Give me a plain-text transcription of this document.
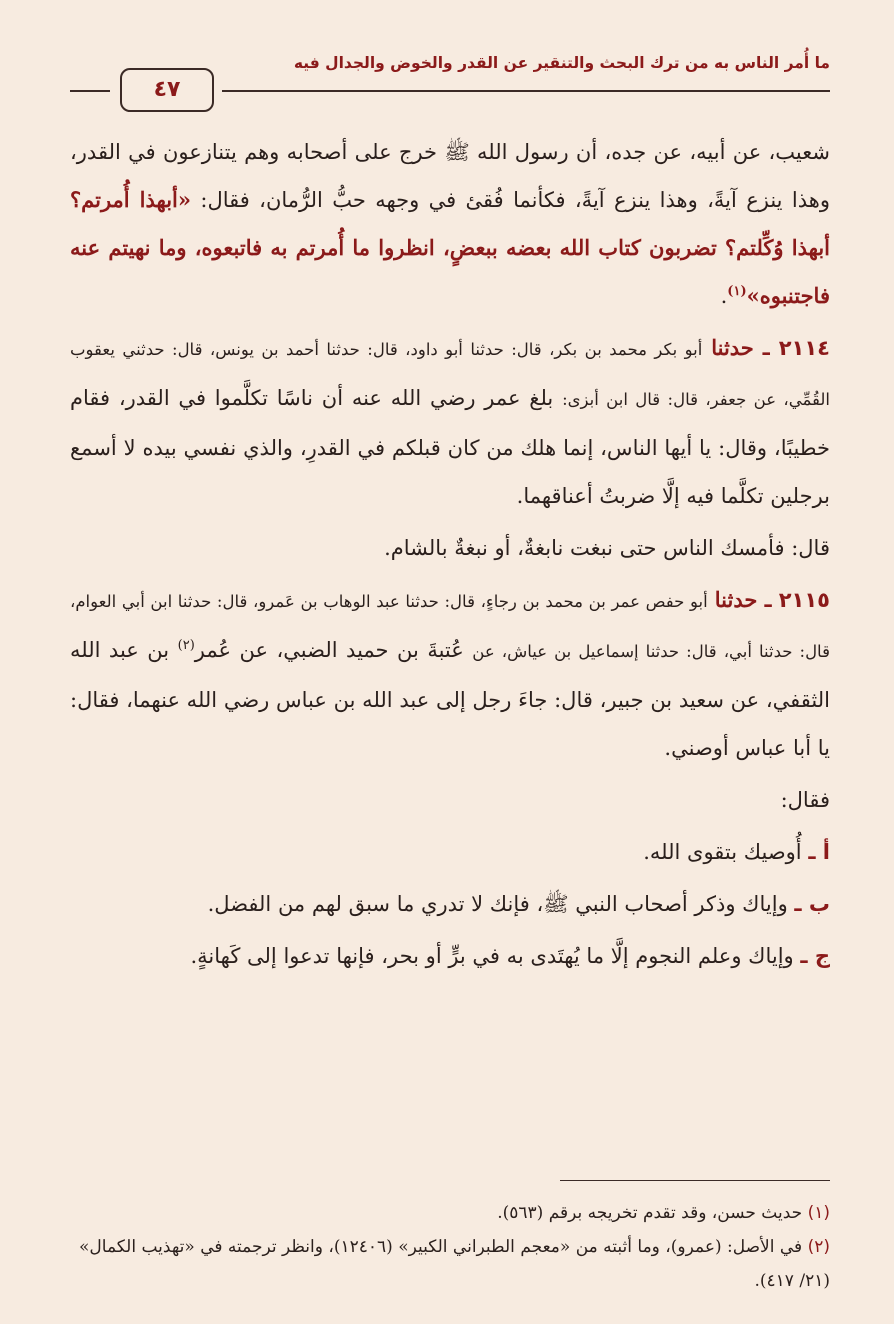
ما أُمر الناس به من ترك البحث والتنقير عن القدر والخوض والجدال فيه
٤٧

شعيب، عن أبيه، عن جده، أن رسول الله ﷺ خرج على أصحابه وهم يتنازعون في القدر، وهذا ينزع آيةً، وهذا ينزع آيةً، فكأنما فُقئ في وجهه حبُّ الرُّمان، فقال: «أبهذا أُمرتم؟ أبهذا وُكِّلتم؟ تضربون كتاب الله بعضه ببعضٍ، انظروا ما أُمرتم به فاتبعوه، وما نهيتم عنه فاجتنبوه»$^{(١)}$.

٢١١٤ ـ حدثنا أبو بكر محمد بن بكر، قال: حدثنا أبو داود، قال: حدثنا أحمد بن يونس، قال: حدثني يعقوب القُمِّي، عن جعفر، قال: قال ابن أبزى: بلغ عمر رضي الله عنه أن ناسًا تكلَّموا في القدر، فقام خطيبًا، وقال: يا أيها الناس، إنما هلك من كان قبلكم في القدرِ، والذي نفسي بيده لا أسمع برجلين تكلَّما فيه إلَّا ضربتُ أعناقهما.

قال: فأمسك الناس حتى نبغت نابغةٌ، أو نبغةٌ بالشام.

٢١١٥ ـ حدثنا أبو حفص عمر بن محمد بن رجاءٍ، قال: حدثنا عبد الوهاب بن عَمرو، قال: حدثنا ابن أبي العوام، قال: حدثنا أبي، قال: حدثنا إسماعيل بن عياش، عن عُتبةَ بن حميد الضبي، عن عُمر$^{(٢)}$ بن عبد الله الثقفي، عن سعيد بن جبير، قال: جاءَ رجل إلى عبد الله بن عباس رضي الله عنهما، فقال: يا أبا عباس أوصني.

فقال:

أ ـ أُوصيك بتقوى الله.

ب ـ وإياك وذكر أصحاب النبي ﷺ، فإنك لا تدري ما سبق لهم من الفضل.

ج ـ وإياك وعلم النجوم إلَّا ما يُهتَدى به في برٍّ أو بحر، فإنها تدعوا إلى كَهانةٍ.

(١) حديث حسن، وقد تقدم تخريجه برقم (٥٦٣).

(٢) في الأصل: (عمرو)، وما أثبته من «معجم الطبراني الكبير» (١٢٤٠٦)، وانظر ترجمته في «تهذيب الكمال» (٢١/ ٤١٧).
